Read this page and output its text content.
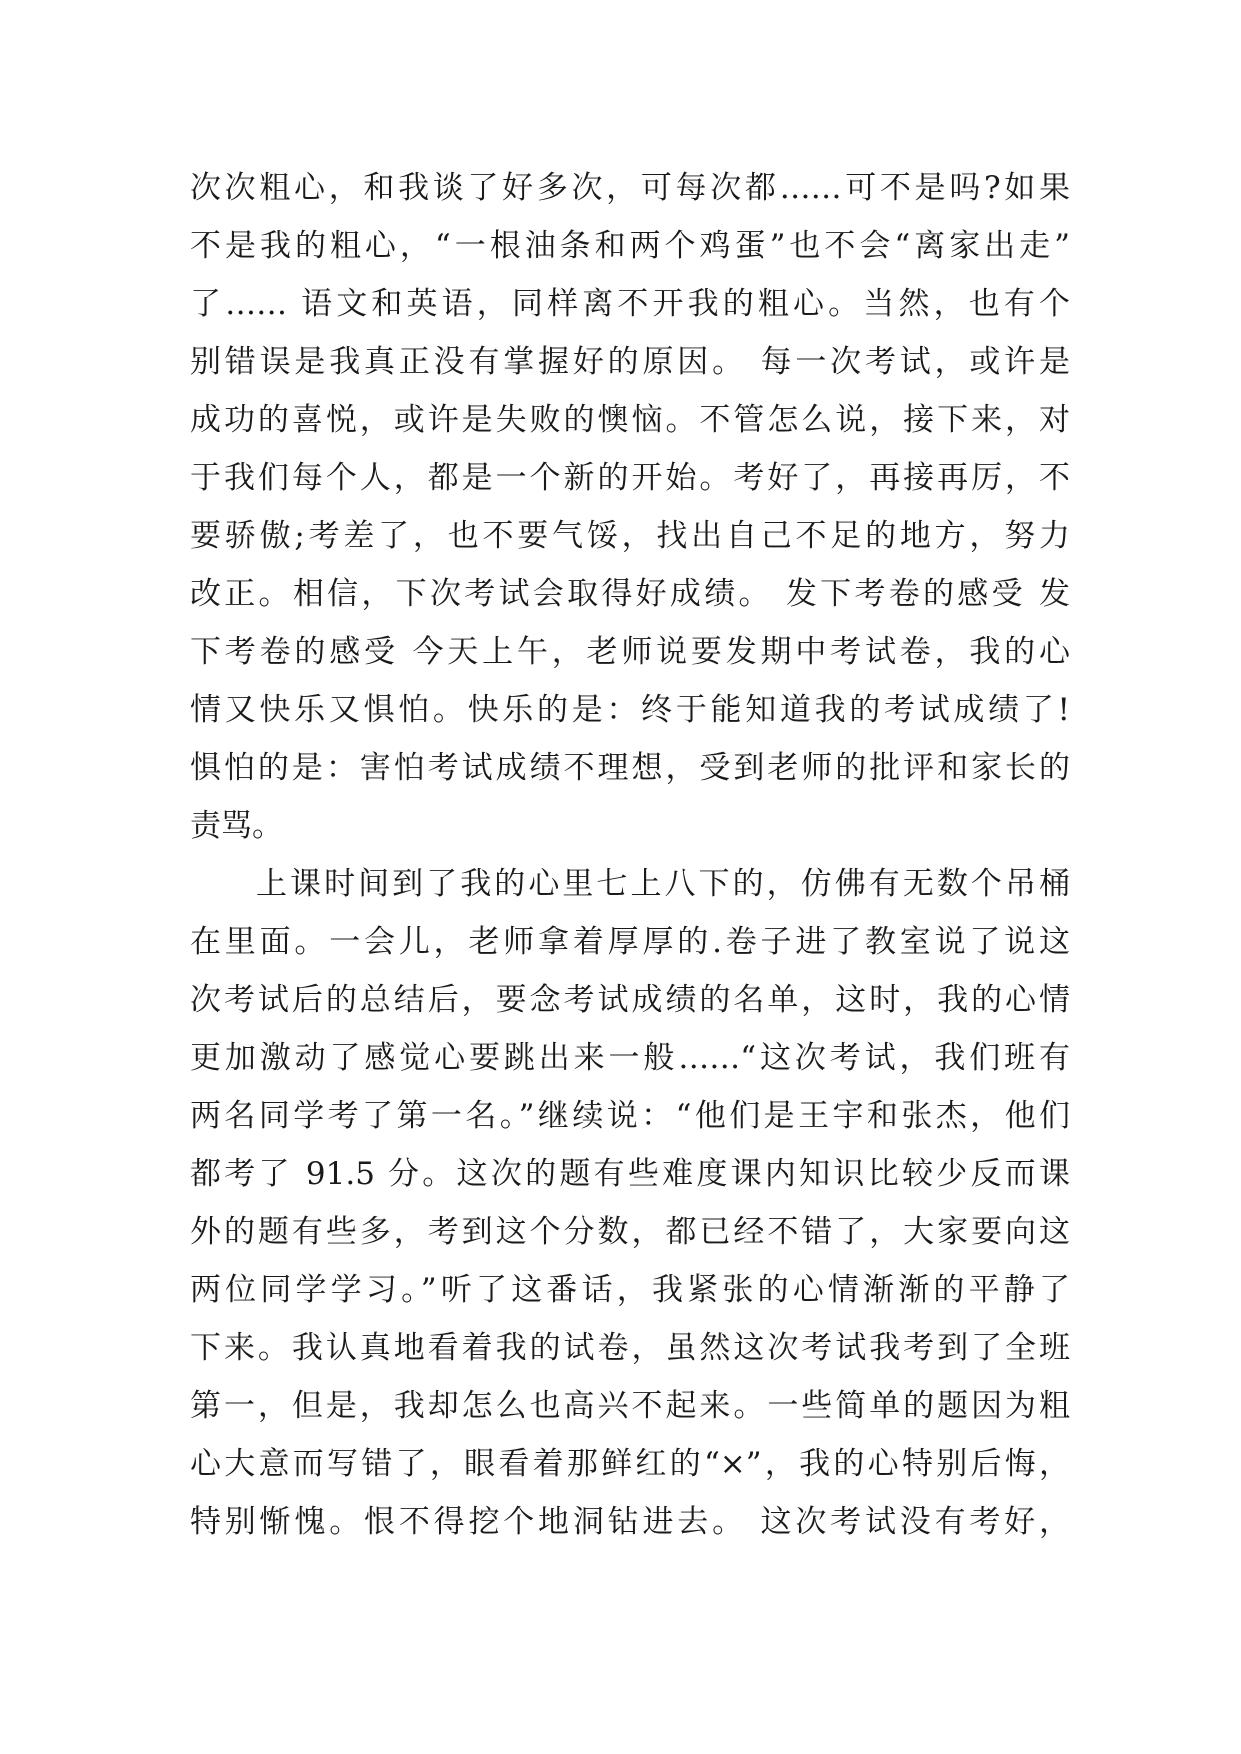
次次粗心，和我谈了好多次，可每次都……可不是吗?如果
不是我的粗心，“一根油条和两个鸡蛋”也不会“离家出走”
了…… 语文和英语，同样离不开我的粗心。当然，也有个
别错误是我真正没有掌握好的原因。 每一次考试，或许是
成功的喜悦，或许是失败的懊恼。不管怎么说，接下来，对
于我们每个人，都是一个新的开始。考好了，再接再厉，不
要骄傲;考差了，也不要气馁，找出自己不足的地方，努力
改正。相信，下次考试会取得好成绩。 发下考卷的感受 发
下考卷的感受 今天上午，老师说要发期中考试卷，我的心
情又快乐又惧怕。快乐的是：终于能知道我的考试成绩了!
惧怕的是：害怕考试成绩不理想，受到老师的批评和家长的
责骂。
上课时间到了我的心里七上八下的，仿佛有无数个吊桶
在里面。一会儿，老师拿着厚厚的.卷子进了教室说了说这
次考试后的总结后，要念考试成绩的名单，这时，我的心情
更加激动了感觉心要跳出来一般……“这次考试，我们班有
两名同学考了第一名。”继续说：“他们是王宇和张杰，他们
都考了 91.5 分。这次的题有些难度课内知识比较少反而课
外的题有些多，考到这个分数，都已经不错了，大家要向这
两位同学学习。”听了这番话，我紧张的心情渐渐的平静了
下来。我认真地看着我的试卷，虽然这次考试我考到了全班
第一，但是，我却怎么也高兴不起来。一些简单的题因为粗
心大意而写错了，眼看着那鲜红的“×”，我的心特别后悔，
特别惭愧。恨不得挖个地洞钻进去。 这次考试没有考好，
